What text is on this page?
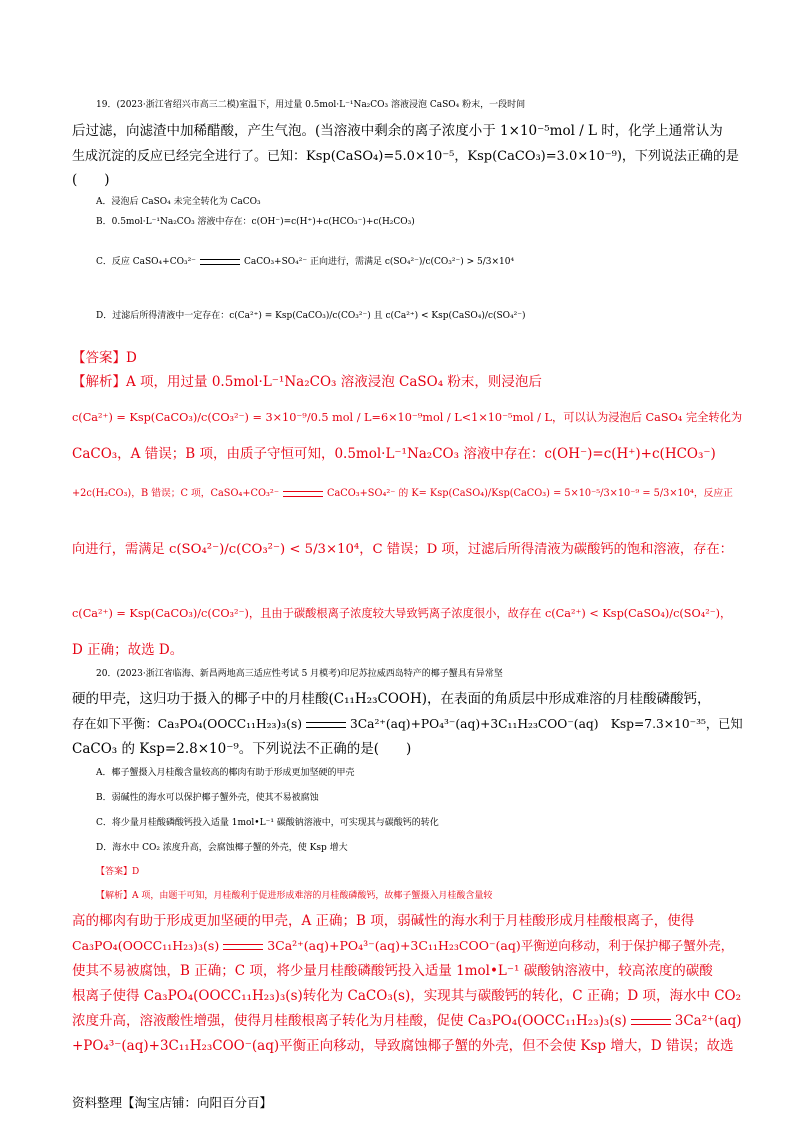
19．(2023·浙江省绍兴市高三二模)室温下，用过量 0.5mol·L⁻¹Na₂CO₃ 溶液浸泡 CaSO₄ 粉末，一段时间
后过滤，向滤渣中加稀醋酸，产生气泡。(当溶液中剩余的离子浓度小于 1×10⁻⁵mol / L 时，化学上通常认为
生成沉淀的反应已经完全进行了。已知：Ksp(CaSO₄)=5.0×10⁻⁵，Ksp(CaCO₃)=3.0×10⁻⁹)，下列说法正确的是
(　　)
A．浸泡后 CaSO₄ 未完全转化为 CaCO₃
B．0.5mol·L⁻¹Na₂CO₃ 溶液中存在：c(OH⁻)=c(H⁺)+c(HCO₃⁻)+c(H₂CO₃)
C．反应 CaSO₄+CO₃²⁻	CaCO₃+SO₄²⁻ 正向进行，需满足 c(SO₄²⁻)/c(CO₃²⁻) > 5/3×10⁴
D．过滤后所得清液中一定存在：c(Ca²⁺) = Ksp(CaCO₃)/c(CO₃²⁻) 且 c(Ca²⁺) < Ksp(CaSO₄)/c(SO₄²⁻)
【答案】D
【解析】A 项，用过量 0.5mol·L⁻¹Na₂CO₃ 溶液浸泡 CaSO₄ 粉末，则浸泡后
c(Ca²⁺) = Ksp(CaCO₃)/c(CO₃²⁻) = 3×10⁻⁹/0.5 mol / L=6×10⁻⁹mol / L<1×10⁻⁵mol / L，可以认为浸泡后 CaSO₄ 完全转化为
CaCO₃，A 错误；B 项，由质子守恒可知，0.5mol·L⁻¹Na₂CO₃ 溶液中存在：c(OH⁻)=c(H⁺)+c(HCO₃⁻)
+2c(H₂CO₃)，B 错误；C 项，CaSO₄+CO₃²⁻	CaCO₃+SO₄²⁻ 的 K= Ksp(CaSO₄)/Ksp(CaCO₃) = 5×10⁻⁵/3×10⁻⁹ = 5/3×10⁴，反应正
向进行，需满足 c(SO₄²⁻)/c(CO₃²⁻) < 5/3×10⁴，C 错误；D 项，过滤后所得清液为碳酸钙的饱和溶液，存在：
c(Ca²⁺) = Ksp(CaCO₃)/c(CO₃²⁻)，且由于碳酸根离子浓度较大导致钙离子浓度很小，故存在 c(Ca²⁺) < Ksp(CaSO₄)/c(SO₄²⁻)，
D 正确；故选 D。
20．(2023·浙江省临海、新昌两地高三适应性考试 5 月模考)印尼苏拉威西岛特产的椰子蟹具有异常坚
硬的甲壳，这归功于摄入的椰子中的月桂酸(C₁₁H₂₃COOH)，在表面的角质层中形成难溶的月桂酸磷酸钙，
存在如下平衡：Ca₃PO₄(OOCC₁₁H₂₃)₃(s)	3Ca²⁺(aq)+PO₄³⁻(aq)+3C₁₁H₂₃COO⁻(aq)　Ksp=7.3×10⁻³⁵，已知
CaCO₃ 的 Ksp=2.8×10⁻⁹。下列说法不正确的是(　　)
A．椰子蟹摄入月桂酸含量较高的椰肉有助于形成更加坚硬的甲壳
B．弱碱性的海水可以保护椰子蟹外壳，使其不易被腐蚀
C．将少量月桂酸磷酸钙投入适量 1mol•L⁻¹ 碳酸钠溶液中，可实现其与碳酸钙的转化
D．海水中 CO₂ 浓度升高，会腐蚀椰子蟹的外壳，使 Ksp 增大
【答案】D
【解析】A 项，由题干可知，月桂酸利于促进形成难溶的月桂酸磷酸钙，故椰子蟹摄入月桂酸含量较
高的椰肉有助于形成更加坚硬的甲壳，A 正确；B 项，弱碱性的海水利于月桂酸形成月桂酸根离子，使得
Ca₃PO₄(OOCC₁₁H₂₃)₃(s)	3Ca²⁺(aq)+PO₄³⁻(aq)+3C₁₁H₂₃COO⁻(aq)平衡逆向移动，利于保护椰子蟹外壳，
使其不易被腐蚀，B 正确；C 项，将少量月桂酸磷酸钙投入适量 1mol•L⁻¹ 碳酸钠溶液中，较高浓度的碳酸
根离子使得 Ca₃PO₄(OOCC₁₁H₂₃)₃(s)转化为 CaCO₃(s)，实现其与碳酸钙的转化，C 正确；D 项，海水中 CO₂
浓度升高，溶液酸性增强，使得月桂酸根离子转化为月桂酸，促使 Ca₃PO₄(OOCC₁₁H₂₃)₃(s)	3Ca²⁺(aq)
+PO₄³⁻(aq)+3C₁₁H₂₃COO⁻(aq)平衡正向移动，导致腐蚀椰子蟹的外壳，但不会使 Ksp 增大，D 错误；故选
资料整理【淘宝店铺：向阳百分百】
